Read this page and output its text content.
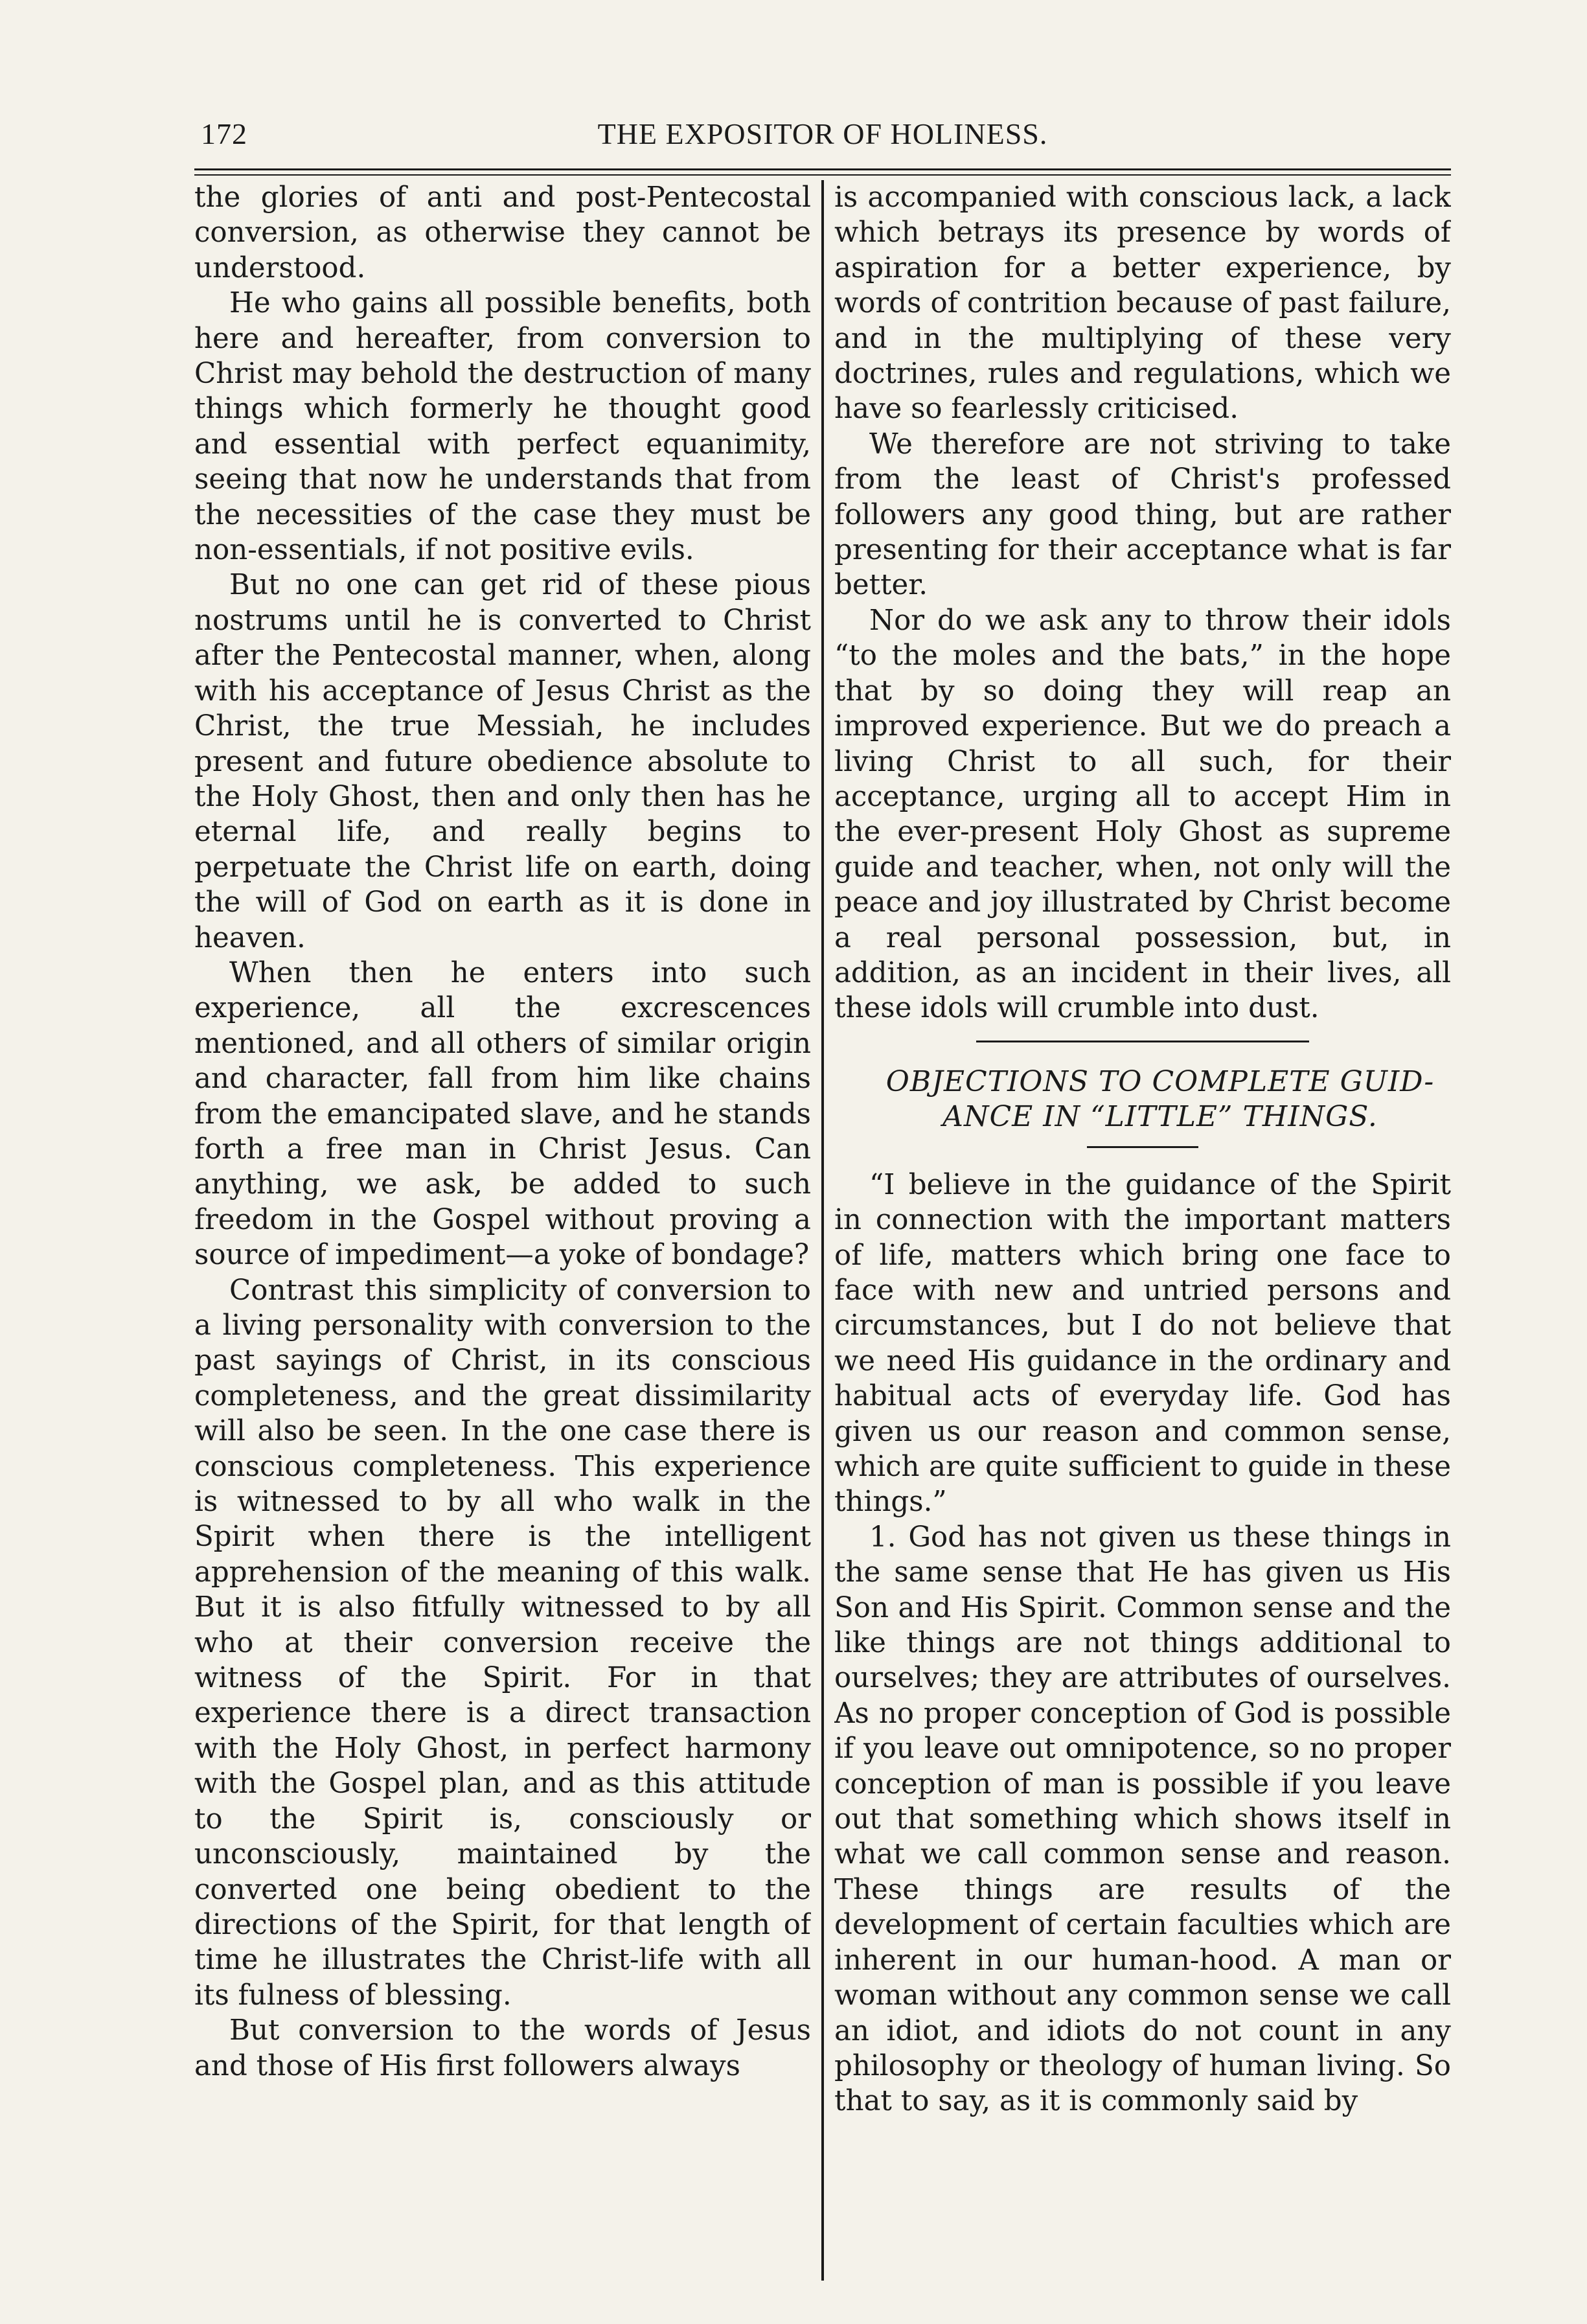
172	THE EXPOSITOR OF HOLINESS.

the glories of anti and post-Pentecostal conversion, as otherwise they cannot be understood.

He who gains all possible benefits, both here and hereafter, from conversion to Christ may behold the destruction of many things which formerly he thought good and essential with perfect equanimity, seeing that now he understands that from the necessities of the case they must be non-essentials, if not positive evils.

But no one can get rid of these pious nostrums until he is converted to Christ after the Pentecostal manner, when, along with his acceptance of Jesus Christ as the Christ, the true Messiah, he includes present and future obedience absolute to the Holy Ghost, then and only then has he eternal life, and really begins to perpetuate the Christ life on earth, doing the will of God on earth as it is done in heaven.

When then he enters into such experience, all the excrescences mentioned, and all others of similar origin and character, fall from him like chains from the emancipated slave, and he stands forth a free man in Christ Jesus. Can anything, we ask, be added to such freedom in the Gospel without proving a source of impediment—a yoke of bondage?

Contrast this simplicity of conversion to a living personality with conversion to the past sayings of Christ, in its conscious completeness, and the great dissimilarity will also be seen. In the one case there is conscious completeness. This experience is witnessed to by all who walk in the Spirit when there is the intelligent apprehension of the meaning of this walk. But it is also fitfully witnessed to by all who at their conversion receive the witness of the Spirit. For in that experience there is a direct transaction with the Holy Ghost, in perfect harmony with the Gospel plan, and as this attitude to the Spirit is, consciously or unconsciously, maintained by the converted one being obedient to the directions of the Spirit, for that length of time he illustrates the Christ-life with all its fulness of blessing.

But conversion to the words of Jesus and those of His first followers always

is accompanied with conscious lack, a lack which betrays its presence by words of aspiration for a better experience, by words of contrition because of past failure, and in the multiplying of these very doctrines, rules and regulations, which we have so fearlessly criticised.

We therefore are not striving to take from the least of Christ's professed followers any good thing, but are rather presenting for their acceptance what is far better.

Nor do we ask any to throw their idols “to the moles and the bats,” in the hope that by so doing they will reap an improved experience. But we do preach a living Christ to all such, for their acceptance, urging all to accept Him in the ever-present Holy Ghost as supreme guide and teacher, when, not only will the peace and joy illustrated by Christ become a real personal possession, but, in addition, as an incident in their lives, all these idols will crumble into dust.

OBJECTIONS TO COMPLETE GUID-

ANCE IN “LITTLE” THINGS.

“I believe in the guidance of the Spirit in connection with the important matters of life, matters which bring one face to face with new and untried persons and circumstances, but I do not believe that we need His guidance in the ordinary and habitual acts of everyday life. God has given us our reason and common sense, which are quite sufficient to guide in these things.”

1. God has not given us these things in the same sense that He has given us His Son and His Spirit. Common sense and the like things are not things additional to ourselves; they are attributes of ourselves. As no proper conception of God is possible if you leave out omnipotence, so no proper conception of man is possible if you leave out that something which shows itself in what we call common sense and reason. These things are results of the development of certain faculties which are inherent in our human-hood. A man or woman without any common sense we call an idiot, and idiots do not count in any philosophy or theology of human living. So that to say, as it is commonly said by
